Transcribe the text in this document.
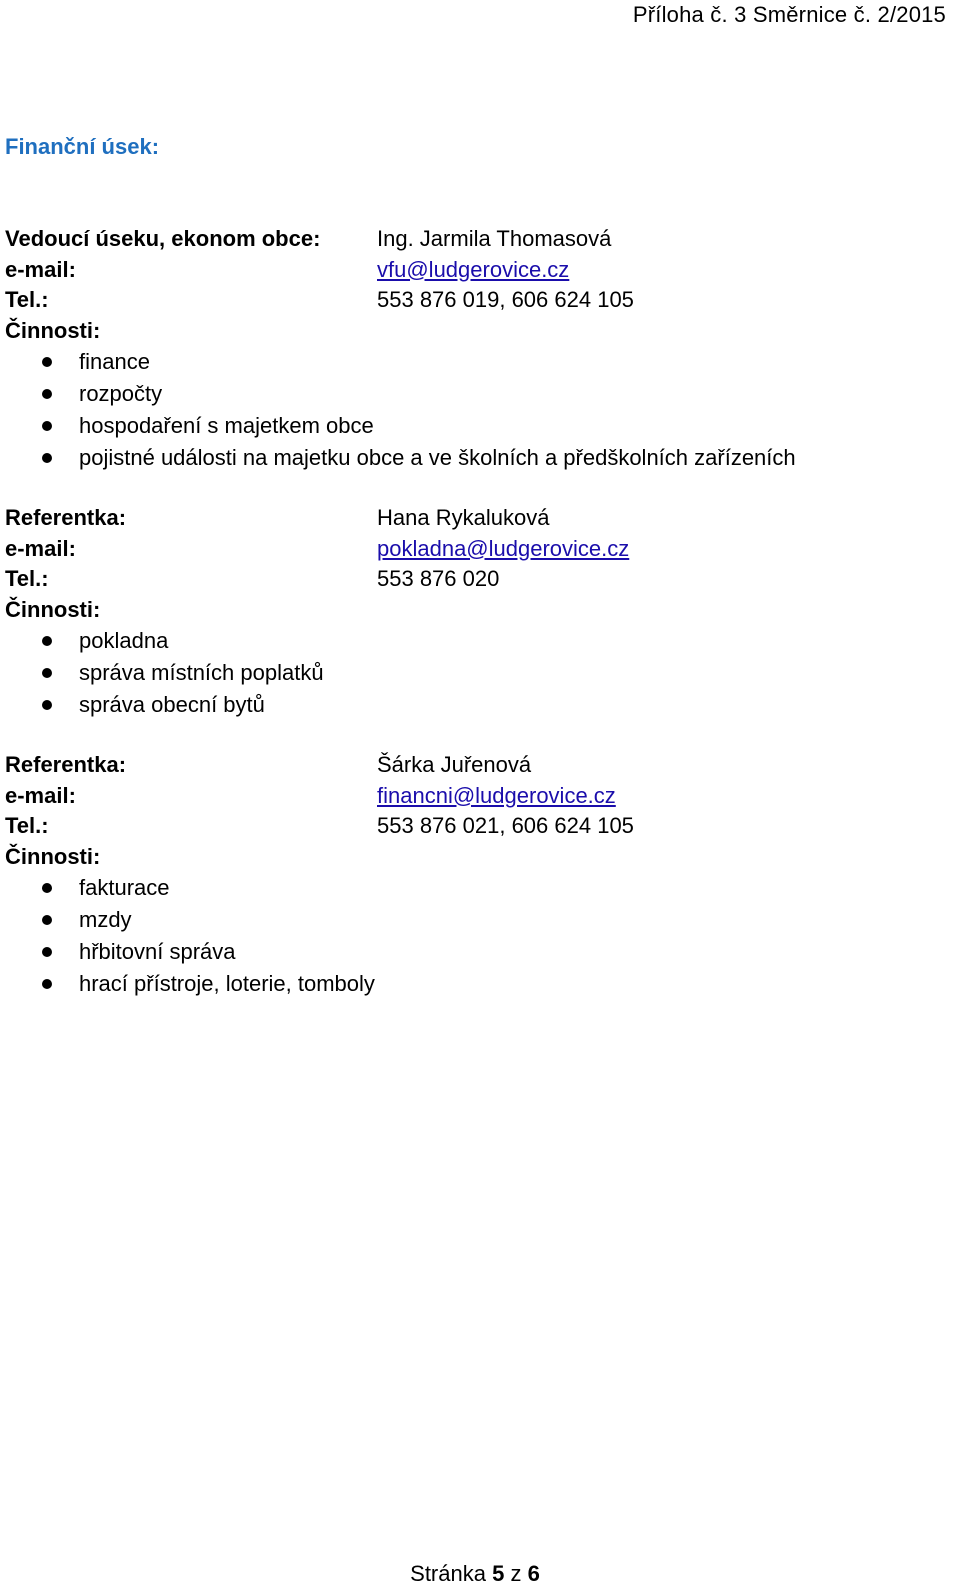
Příloha č. 3 Směrnice č. 2/2015
Finanční úsek:
Vedoucí úseku, ekonom obce:	Ing. Jarmila Thomasová
e-mail:	vfu@ludgerovice.cz
Tel.:	553 876 019, 606 624 105
Činnosti:
finance
rozpočty
hospodaření s majetkem obce
pojistné události na majetku obce a ve školních a předškolních zařízeních
Referentka:	Hana Rykaluková
e-mail:	pokladna@ludgerovice.cz
Tel.:	553 876 020
Činnosti:
pokladna
správa místních poplatků
správa obecní bytů
Referentka:	Šárka Juřenová
e-mail:	financni@ludgerovice.cz
Tel.:	553 876 021, 606 624 105
Činnosti:
fakturace
mzdy
hřbitovní správa
hrací přístroje, loterie, tomboly
Stránka 5 z 6
